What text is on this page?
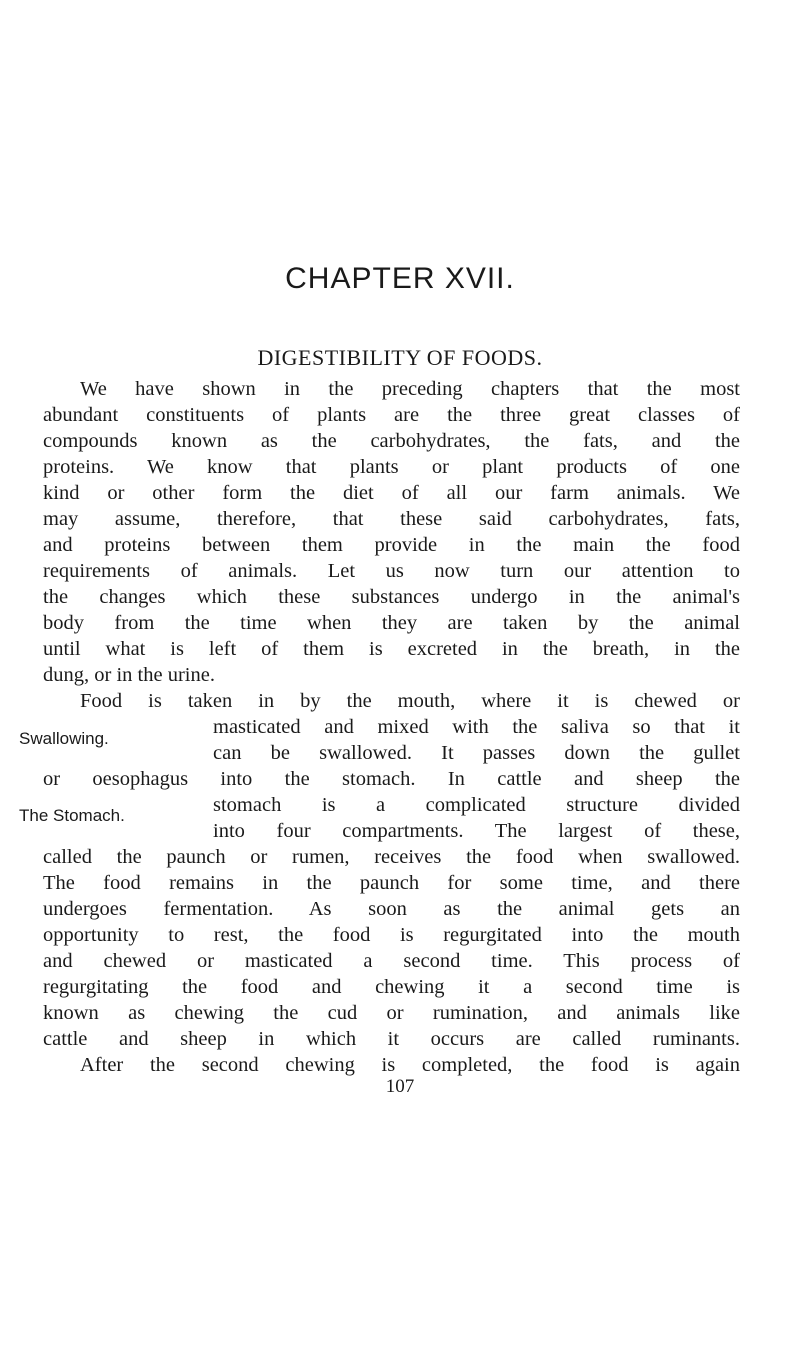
CHAPTER XVII.
DIGESTIBILITY OF FOODS.
We have shown in the preceding chapters that the most
abundant constituents of plants are the three great classes of
compounds known as the carbohydrates, the fats, and the
proteins. We know that plants or plant products of one
kind or other form the diet of all our farm animals. We
may assume, therefore, that these said carbohydrates, fats,
and proteins between them provide in the main the food
requirements of animals. Let us now turn our attention to
the changes which these substances undergo in the animal's
body from the time when they are taken by the animal
until what is left of them is excreted in the breath, in the
dung, or in the urine.
Food is taken in by the mouth, where it is chewed or
masticated and mixed with the saliva so that it
can be swallowed. It passes down the gullet
or oesophagus into the stomach. In cattle and sheep the
stomach is a complicated structure divided
into four compartments. The largest of these,
called the paunch or rumen, receives the food when swallowed.
The food remains in the paunch for some time, and there
undergoes fermentation. As soon as the animal gets an
opportunity to rest, the food is regurgitated into the mouth
and chewed or masticated a second time. This process of
regurgitating the food and chewing it a second time is
known as chewing the cud or rumination, and animals like
cattle and sheep in which it occurs are called ruminants.
After the second chewing is completed, the food is again
Swallowing.
The Stomach.
107
